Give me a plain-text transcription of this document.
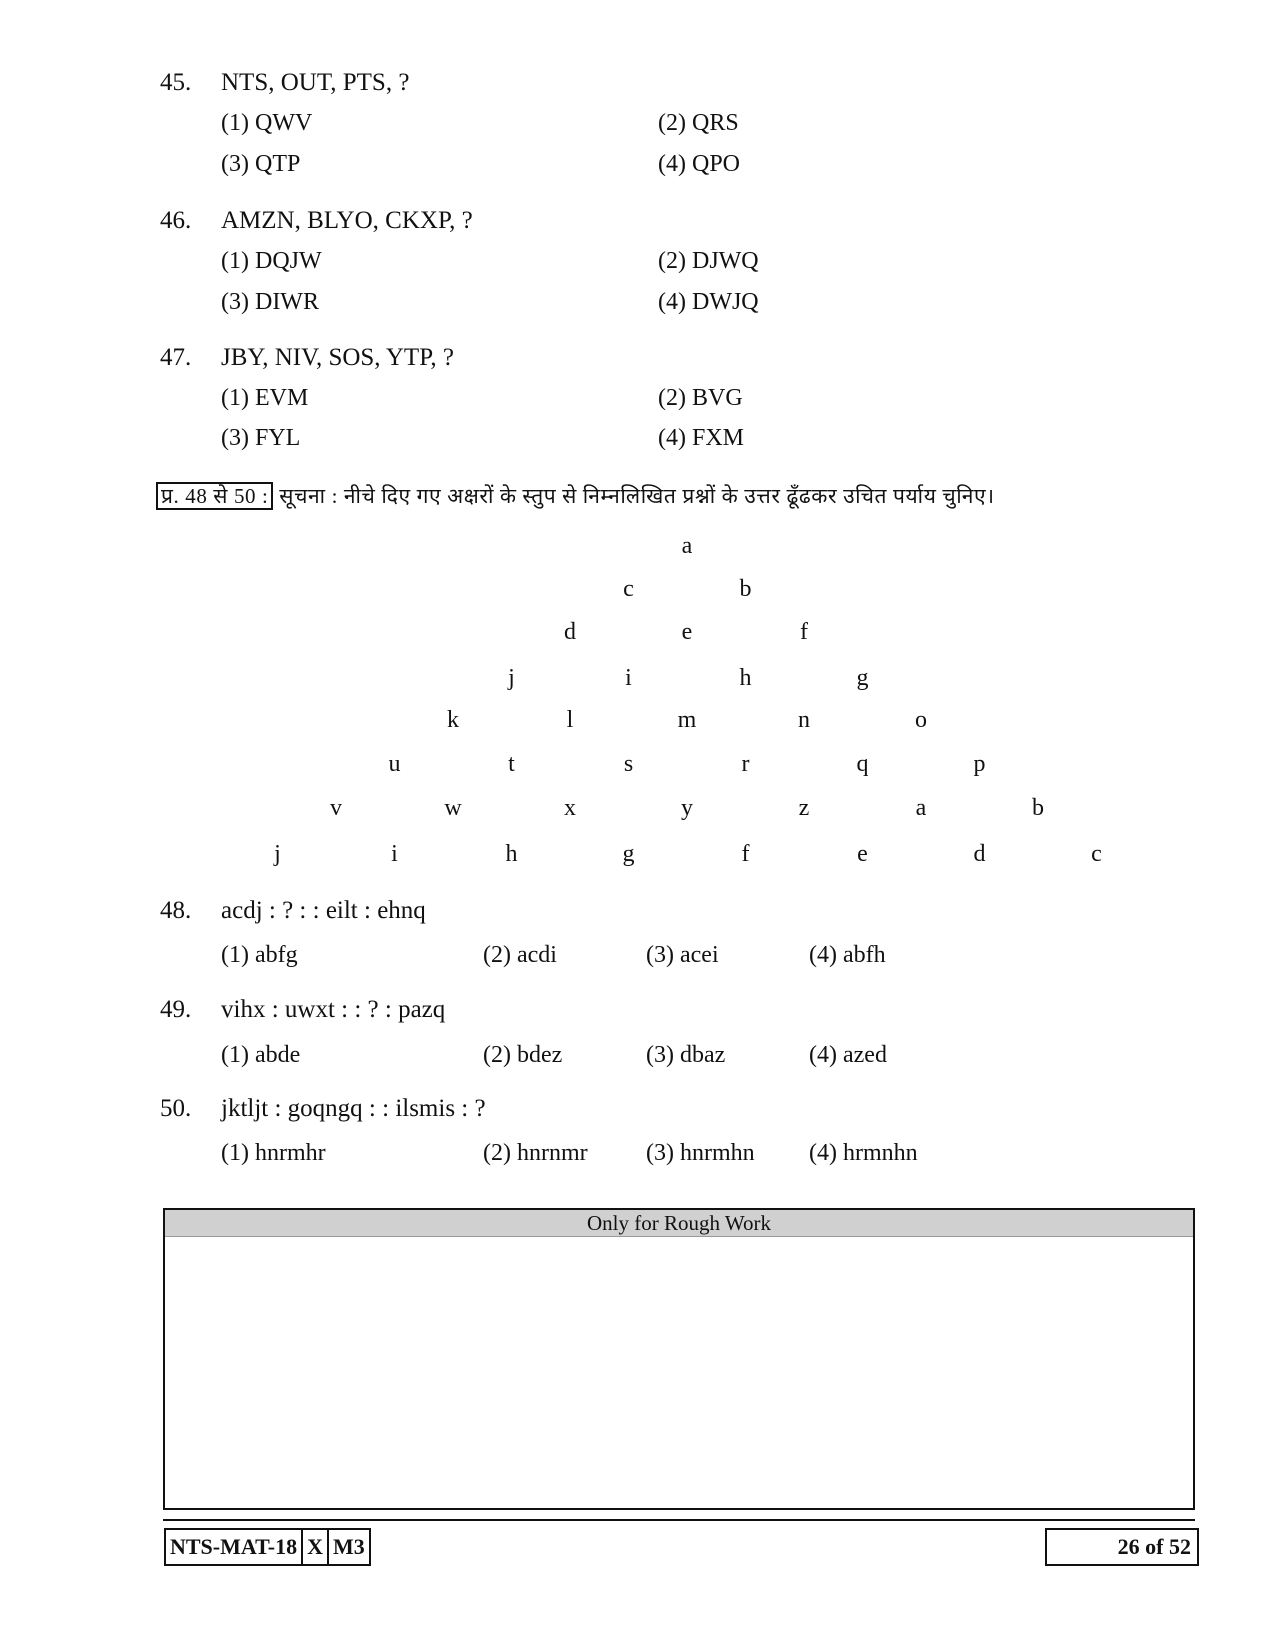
45. NTS, OUT, PTS, ?
(1) QWV	(2) QRS
(3) QTP	(4) QPO
46. AMZN, BLYO, CKXP, ?
(1) DQJW	(2) DJWQ
(3) DIWR	(4) DWJQ
47. JBY, NIV, SOS, YTP, ?
(1) EVM	(2) BVG
(3) FYL	(4) FXM
प्र. 48 से 50 : सूचना : नीचे दिए गए अक्षरों के स्तुप से निम्नलिखित प्रश्नों के उत्तर ढूँढकर उचित पर्याय चुनिए।
a
c	b
d	e	f
j	i	h	g
k	l	m	n	o
u	t	s	r	q	p
v	w	x	y	z	a	b
j	i	h	g	f	e	d	c
48. acdj : ? : : eilt : ehnq
(1) abfg	(2) acdi	(3) acei	(4) abfh
49. vihx : uwxt : : ? : pazq
(1) abde	(2) bdez	(3) dbaz	(4) azed
50. jktljt : goqngq : : ilsmis : ?
(1) hnrmhr	(2) hnrnmr (3) hnrmhn (4) hrmnhn
Only for Rough Work
NTS-MAT-18 X M3	26 of 52
